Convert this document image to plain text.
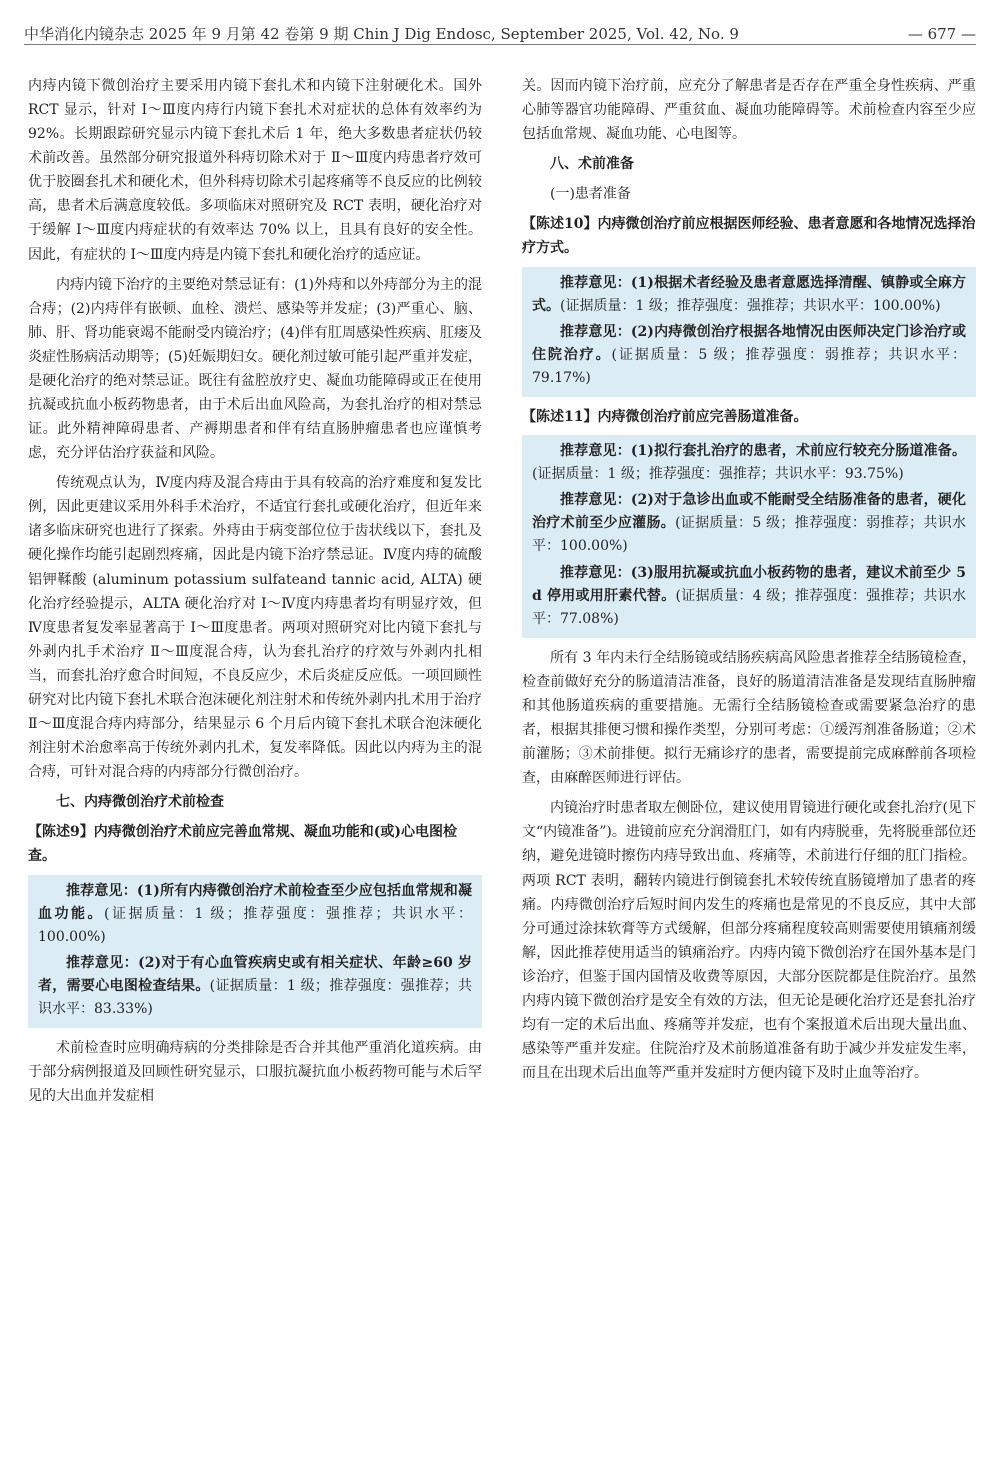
中华消化内镜杂志 2025 年 9 月第 42 卷第 9 期 Chin J Dig Endosc, September 2025, Vol. 42, No. 9	— 677 —

内痔内镜下微创治疗主要采用内镜下套扎术和内镜下注射硬化术。国外 RCT 显示，针对 Ⅰ～Ⅲ度内痔行内镜下套扎术对症状的总体有效率约为 92%。长期跟踪研究显示内镜下套扎术后 1 年，绝大多数患者症状仍较术前改善。虽然部分研究报道外科痔切除术对于 Ⅱ～Ⅲ度内痔患者疗效可优于胶圈套扎术和硬化术，但外科痔切除术引起疼痛等不良反应的比例较高，患者术后满意度较低。多项临床对照研究及 RCT 表明，硬化治疗对于缓解 Ⅰ～Ⅲ度内痔症状的有效率达 70% 以上，且具有良好的安全性。因此，有症状的 Ⅰ～Ⅲ度内痔是内镜下套扎和硬化治疗的适应证。

内痔内镜下治疗的主要绝对禁忌证有：(1)外痔和以外痔部分为主的混合痔；(2)内痔伴有嵌顿、血栓、溃烂、感染等并发症；(3)严重心、脑、肺、肝、肾功能衰竭不能耐受内镜治疗；(4)伴有肛周感染性疾病、肛瘘及炎症性肠病活动期等；(5)妊娠期妇女。硬化剂过敏可能引起严重并发症，是硬化治疗的绝对禁忌证。既往有盆腔放疗史、凝血功能障碍或正在使用抗凝或抗血小板药物患者，由于术后出血风险高，为套扎治疗的相对禁忌证。此外精神障碍患者、产褥期患者和伴有结直肠肿瘤患者也应谨慎考虑，充分评估治疗获益和风险。

传统观点认为，Ⅳ度内痔及混合痔由于具有较高的治疗难度和复发比例，因此更建议采用外科手术治疗，不适宜行套扎或硬化治疗，但近年来诸多临床研究也进行了探索。外痔由于病变部位位于齿状线以下，套扎及硬化操作均能引起剧烈疼痛，因此是内镜下治疗禁忌证。Ⅳ度内痔的硫酸铝钾鞣酸 (aluminum potassium sulfateand tannic acid, ALTA) 硬化治疗经验提示，ALTA 硬化治疗对 Ⅰ～Ⅳ度内痔患者均有明显疗效，但Ⅳ度患者复发率显著高于 Ⅰ～Ⅲ度患者。两项对照研究对比内镜下套扎与外剥内扎手术治疗 Ⅱ～Ⅲ度混合痔，认为套扎治疗的疗效与外剥内扎相当，而套扎治疗愈合时间短，不良反应少，术后炎症反应低。一项回顾性研究对比内镜下套扎术联合泡沫硬化剂注射术和传统外剥内扎术用于治疗 Ⅱ～Ⅲ度混合痔内痔部分，结果显示 6 个月后内镜下套扎术联合泡沫硬化剂注射术治愈率高于传统外剥内扎术，复发率降低。因此以内痔为主的混合痔，可针对混合痔的内痔部分行微创治疗。

七、内痔微创治疗术前检查
【陈述9】内痔微创治疗术前应完善血常规、凝血功能和(或)心电图检查。

推荐意见：(1)所有内痔微创治疗术前检查至少应包括血常规和凝血功能。(证据质量：1 级；推荐强度：强推荐；共识水平：100.00%)

推荐意见：(2)对于有心血管疾病史或有相关症状、年龄≥60 岁者，需要心电图检查结果。(证据质量：1 级；推荐强度：强推荐；共识水平：83.33%)

术前检查时应明确痔病的分类排除是否合并其他严重消化道疾病。由于部分病例报道及回顾性研究显示，口服抗凝抗血小板药物可能与术后罕见的大出血并发症相

关。因而内镜下治疗前，应充分了解患者是否存在严重全身性疾病、严重心肺等器官功能障碍、严重贫血、凝血功能障碍等。术前检查内容至少应包括血常规、凝血功能、心电图等。

八、术前准备
(一)患者准备
【陈述10】内痔微创治疗前应根据医师经验、患者意愿和各地情况选择治疗方式。

推荐意见：(1)根据术者经验及患者意愿选择清醒、镇静或全麻方式。(证据质量：1 级；推荐强度：强推荐；共识水平：100.00%)

推荐意见：(2)内痔微创治疗根据各地情况由医师决定门诊治疗或住院治疗。(证据质量：5 级；推荐强度：弱推荐；共识水平：79.17%)

【陈述11】内痔微创治疗前应完善肠道准备。

推荐意见：(1)拟行套扎治疗的患者，术前应行较充分肠道准备。(证据质量：1 级；推荐强度：强推荐；共识水平：93.75%)

推荐意见：(2)对于急诊出血或不能耐受全结肠准备的患者，硬化治疗术前至少应灌肠。(证据质量：5 级；推荐强度：弱推荐；共识水平：100.00%)

推荐意见：(3)服用抗凝或抗血小板药物的患者，建议术前至少 5 d 停用或用肝素代替。(证据质量：4 级；推荐强度：强推荐；共识水平：77.08%)

所有 3 年内未行全结肠镜或结肠疾病高风险患者推荐全结肠镜检查，检查前做好充分的肠道清洁准备，良好的肠道清洁准备是发现结直肠肿瘤和其他肠道疾病的重要措施。无需行全结肠镜检查或需要紧急治疗的患者，根据其排便习惯和操作类型，分别可考虑：①缓泻剂准备肠道；②术前灌肠；③术前排便。拟行无痛诊疗的患者，需要提前完成麻醉前各项检查，由麻醉医师进行评估。

内镜治疗时患者取左侧卧位，建议使用胃镜进行硬化或套扎治疗(见下文“内镜准备”)。进镜前应充分润滑肛门，如有内痔脱垂，先将脱垂部位还纳，避免进镜时擦伤内痔导致出血、疼痛等，术前进行仔细的肛门指检。两项 RCT 表明，翻转内镜进行倒镜套扎术较传统直肠镜增加了患者的疼痛。内痔微创治疗后短时间内发生的疼痛也是常见的不良反应，其中大部分可通过涂抹软膏等方式缓解，但部分疼痛程度较高则需要使用镇痛剂缓解，因此推荐使用适当的镇痛治疗。内痔内镜下微创治疗在国外基本是门诊治疗，但鉴于国内国情及收费等原因，大部分医院都是住院治疗。虽然内痔内镜下微创治疗是安全有效的方法，但无论是硬化治疗还是套扎治疗均有一定的术后出血、疼痛等并发症，也有个案报道术后出现大量出血、感染等严重并发症。住院治疗及术前肠道准备有助于减少并发症发生率，而且在出现术后出血等严重并发症时方便内镜下及时止血等治疗。
